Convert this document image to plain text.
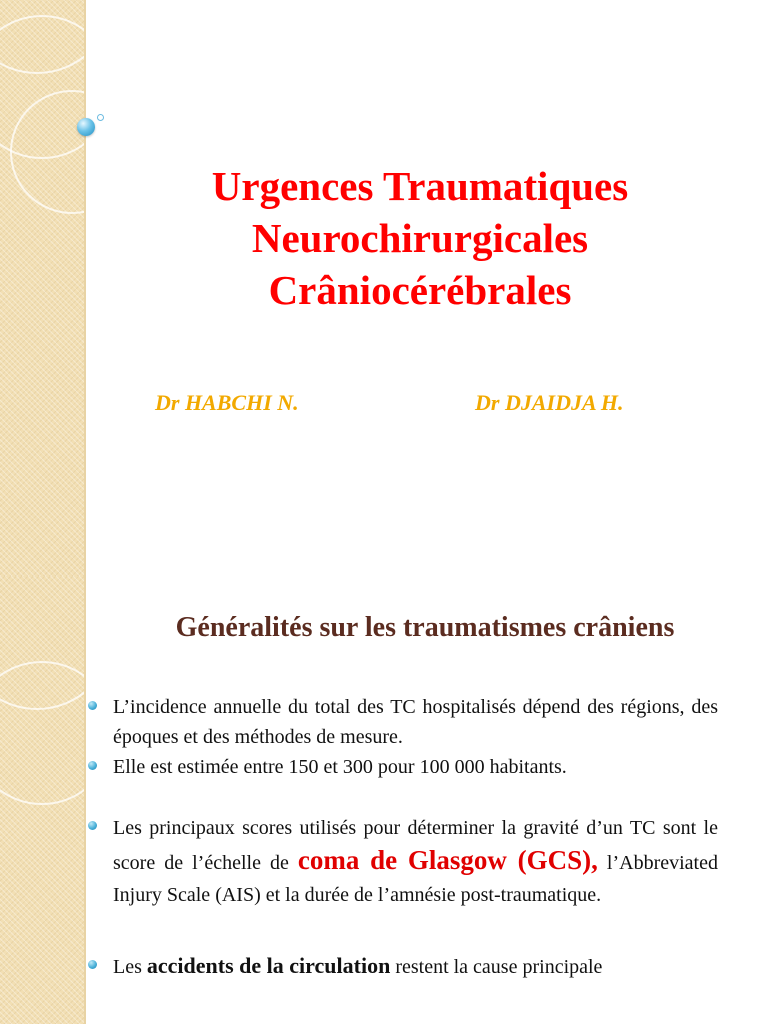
Urgences Traumatiques
Neurochirurgicales
Crâniocérébrales
Dr HABCHI N.	Dr DJAIDJA H.
Généralités sur les traumatismes crâniens
L’incidence annuelle du total des TC hospitalisés dépend des régions, des époques et des méthodes de mesure.
Elle est estimée entre 150 et 300 pour 100 000 habitants.
Les principaux scores utilisés pour déterminer la gravité d’un TC sont le score de l’échelle de coma de Glasgow (GCS), l’Abbreviated Injury Scale (AIS) et la durée de l’amnésie post-traumatique.
Les accidents de la circulation restent la cause principale
